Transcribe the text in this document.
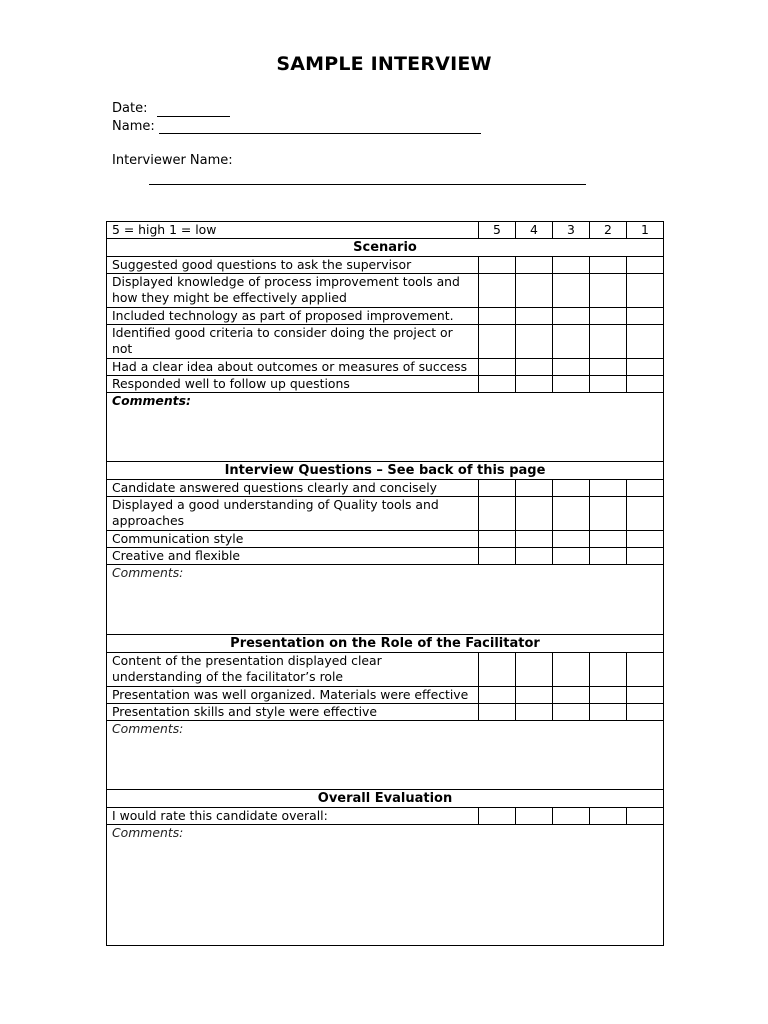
SAMPLE INTERVIEW
Date:
Name:
Interviewer Name:
5 = high 1 = low	5	4	3	2	1
Scenario					
Suggested good questions to ask the supervisor					
Displayed knowledge of process improvement tools and how they might be effectively applied					
Included technology as part of proposed improvement.					
Identified good criteria to consider doing the project or not					
Had a clear idea about outcomes or measures of success					
Responded well to follow up questions					
Comments:					
Interview Questions – See back of this page					
Candidate answered questions clearly and concisely					
Displayed a good understanding of Quality tools and approaches					
Communication style					
Creative and flexible					
Comments:					
Presentation on the Role of the Facilitator					
Content of the presentation displayed clear understanding of the facilitator’s role					
Presentation was well organized. Materials were effective					
Presentation skills and style were effective					
Comments:					
Overall Evaluation					
I would rate this candidate overall:					
Comments:					
